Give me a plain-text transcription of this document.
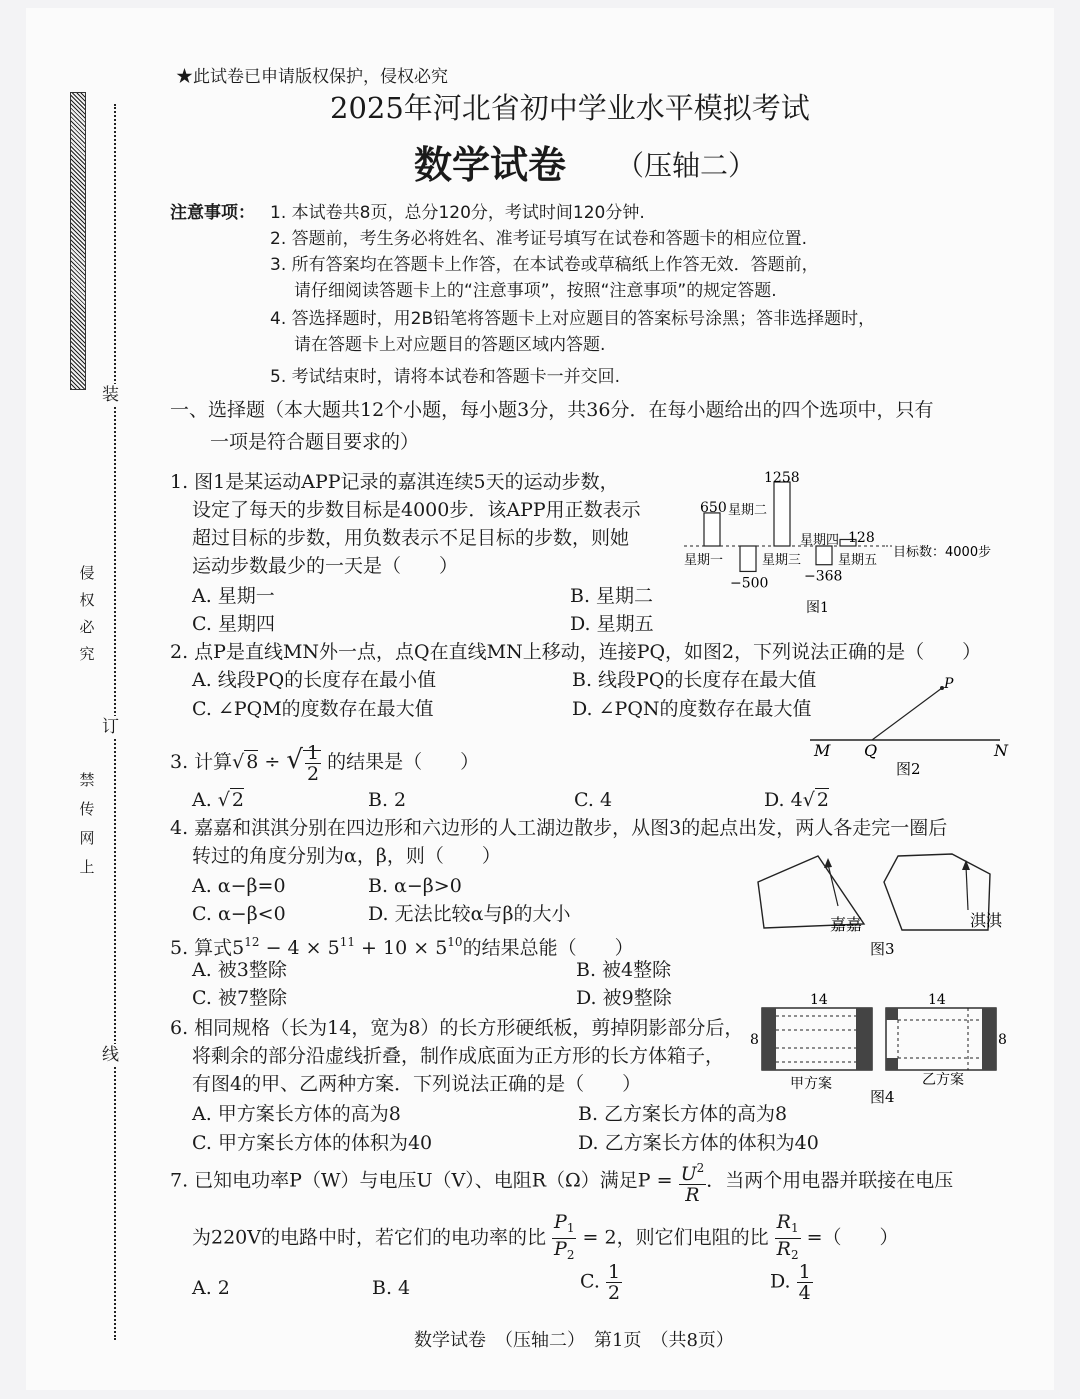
装
订
线
侵 权 必 究
禁 传 网 上
★此试卷已申请版权保护，侵权必究
2025年河北省初中学业水平模拟考试
数学试卷 （压轴二）
注意事项： 1. 本试卷共8页，总分120分，考试时间120分钟.
2. 答题前，考生务必将姓名、准考证号填写在试卷和答题卡的相应位置.
3. 所有答案均在答题卡上作答，在本试卷或草稿纸上作答无效．答题前，
请仔细阅读答题卡上的“注意事项”，按照“注意事项”的规定答题.
4. 答选择题时，用2B铅笔将答题卡上对应题目的答案标号涂黑；答非选择题时，
请在答题卡上对应题目的答题区域内答题.
5. 考试结束时，请将本试卷和答题卡一并交回.
一、选择题（本大题共12个小题，每小题3分，共36分．在每小题给出的四个选项中，只有
一项是符合题目要求的）
1. 图1是某运动APP记录的嘉淇连续5天的运动步数，
设定了每天的步数目标是4000步．该APP用正数表示
超过目标的步数，用负数表示不足目标的步数，则她
运动步数最少的一天是（　　）
A. 星期一	B. 星期二
C. 星期四	D. 星期五
目标数：4000步
图1
650
星期一
1258
星期二
−500
星期三
−368
星期四 128
星期五
2. 点P是直线MN外一点，点Q在直线MN上移动，连接PQ，如图2，下列说法正确的是（　　）
A. 线段PQ的长度存在最小值	B. 线段PQ的长度存在最大值
C. ∠PQM的度数存在最大值	D. ∠PQN的度数存在最大值
P
M Q	N
图2
3. 计算√ 8 ÷ √ $\frac{1}{2}$ 的结果是（　　）
A. √ 2	B. 2	C. 4	D. 4√ 2
4. 嘉嘉和淇淇分别在四边形和六边形的人工湖边散步，从图3的起点出发，两人各走完一圈后
转过的角度分别为α，β，则（　　）
A. α−β=0	B. α−β>0
C. α−β<0	D. 无法比较α与β的大小	嘉嘉	淇淇
图3
5. 算式$5^{12} - 4 \times 5^{11} + 10 \times 5^{10}$的结果总能（　　）
A. 被3整除	B. 被4整除
C. 被7整除	D. 被9整除
6. 相同规格（长为14，宽为8）的长方形硬纸板，剪掉阴影部分后，
将剩余的部分沿虚线折叠，制作成底面为正方形的长方体箱子，
有图4的甲、乙两种方案．下列说法正确的是（　　）
A. 甲方案长方体的高为8	B. 乙方案长方体的高为8
C. 甲方案长方体的体积为40	D. 乙方案长方体的体积为40
14	14
8	8
甲方案	乙方案
图4
7. 已知电功率P（W）与电压U（V）、电阻R（Ω）满足$P = \frac{U^2}{R}$ ．当两个用电器并联接在电压
为220V的电路中时，若它们的电功率的比 $\frac{P_1}{P_2} = 2$，则它们电阻的比 $\frac{R_1}{R_2}$ =（　　）
A. 2	B. 4	C. $\frac{1}{2}$	D. $\frac{1}{4}$
数学试卷　（压轴二）　第1页　（共8页）
